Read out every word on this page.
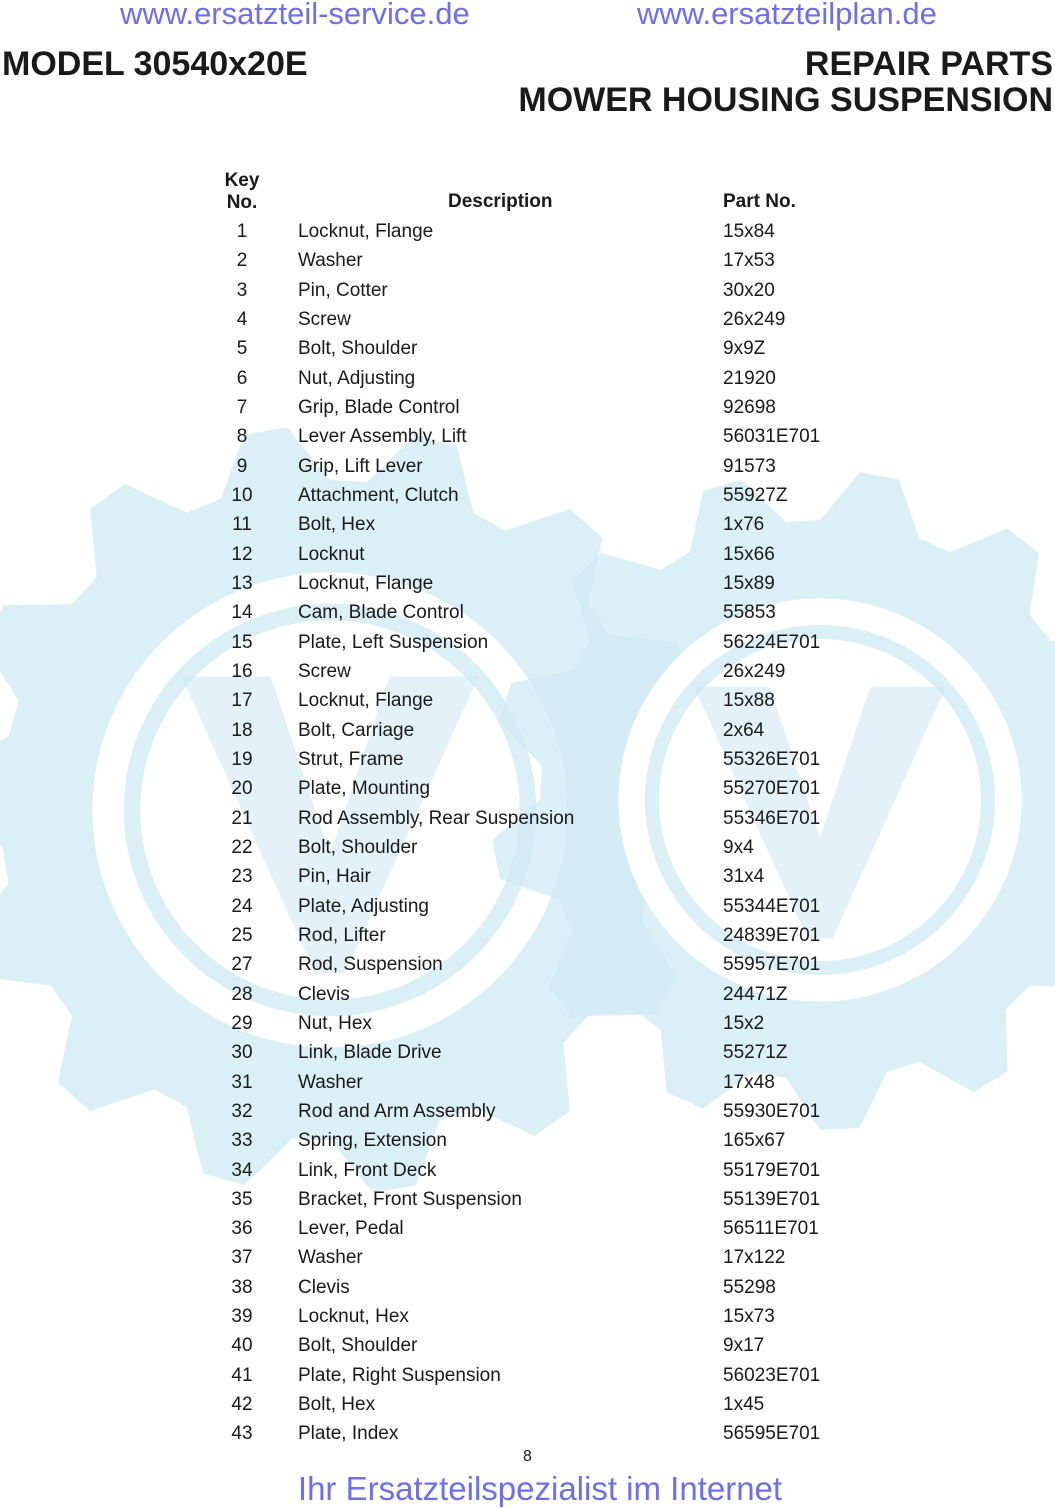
www.ersatzteil-service.de	www.ersatzteilplan.de
MODEL 30540x20E	REPAIR PARTS
MOWER HOUSING SUSPENSION
Key
No.	Description	Part No.
1	Locknut, Flange	15x84
2	Washer	17x53
3	Pin, Cotter	30x20
4	Screw	26x249
5	Bolt, Shoulder	9x9Z
6	Nut, Adjusting	21920
7	Grip, Blade Control	92698
8	Lever Assembly, Lift	56031E701
9	Grip, Lift Lever	91573
10	Attachment, Clutch	55927Z
11	Bolt, Hex	1x76
12	Locknut	15x66
13	Locknut, Flange	15x89
14	Cam, Blade Control	55853
15	Plate, Left Suspension	56224E701
16	Screw	26x249
17	Locknut, Flange	15x88
18	Bolt, Carriage	2x64
19	Strut, Frame	55326E701
20	Plate, Mounting	55270E701
21	Rod Assembly, Rear Suspension	55346E701
22	Bolt, Shoulder	9x4
23	Pin, Hair	31x4
24	Plate, Adjusting	55344E701
25	Rod, Lifter	24839E701
27	Rod, Suspension	55957E701
28	Clevis	24471Z
29	Nut, Hex	15x2
30	Link, Blade Drive	55271Z
31	Washer	17x48
32	Rod and Arm Assembly	55930E701
33	Spring, Extension	165x67
34	Link, Front Deck	55179E701
35	Bracket, Front Suspension	55139E701
36	Lever, Pedal	56511E701
37	Washer	17x122
38	Clevis	55298
39	Locknut, Hex	15x73
40	Bolt, Shoulder	9x17
41	Plate, Right Suspension	56023E701
42	Bolt, Hex	1x45
43	Plate, Index	56595E701
8
Ihr Ersatzteilspezialist im Internet
